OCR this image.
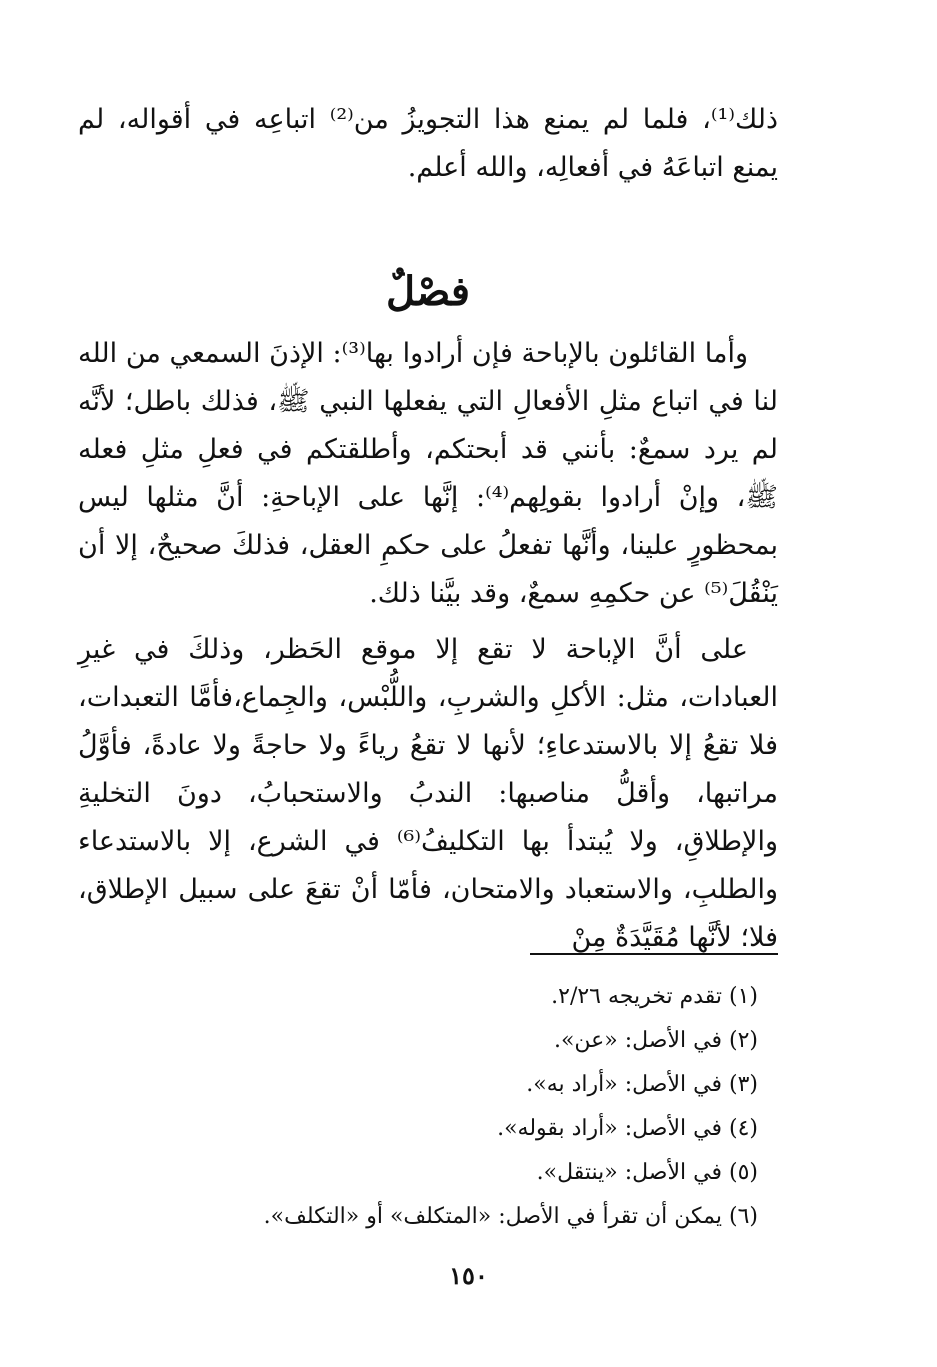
ذلك⁽¹⁾، فلما لم يمنع هذا التجويزُ من⁽²⁾ اتباعِه في أقواله، لم يمنع اتباعَهُ في أفعالِه، والله أعلم.

فصْلٌ

وأما القائلون بالإباحة فإن أرادوا بها⁽³⁾: الإذنَ السمعي من الله لنا في اتباع مثلِ الأفعالِ التي يفعلها النبي ﷺ، فذلك باطل؛ لأنَّه لم يرد سمعٌ: بأنني قد أبحتكم، وأطلقتكم في فعلِ مثلِ فعله ﷺ، وإنْ أرادوا بقولِهم⁽⁴⁾: إنَّها على الإباحةِ: أنَّ مثلها ليس بمحظورٍ علينا، وأنَّها تفعلُ على حكمِ العقل، فذلكَ صحيحٌ، إلا أن يَنْقُلَ⁽⁵⁾ عن حكمِهِ سمعٌ، وقد بيَّنا ذلك.

على أنَّ الإباحة لا تقع إلا موقع الحَظر، وذلكَ في غيرِ العبادات، مثل: الأكلِ والشربِ، واللُّبْس، والجِماع،فأمَّا التعبدات، فلا تقعُ إلا بالاستدعاءِ؛ لأنها لا تقعُ رياءً ولا حاجةً ولا عادةً، فأوَّلُ مراتبها، وأقلُّ مناصبها: الندبُ والاستحبابُ، دونَ التخليةِ والإطلاقِ، ولا يُبتدأ بها التكليفُ⁽⁶⁾ في الشرع، إلا بالاستدعاء والطلبِ، والاستعباد والامتحان، فأمّا أنْ تقعَ على سبيل الإطلاق، فلا؛ لأنَّها مُقَيَّدَةٌ مِنْ

(١) تقدم تخريجه ٢/٢٦.
(٢) في الأصل: «عن».
(٣) في الأصل: «أراد به».
(٤) في الأصل: «أراد بقوله».
(٥) في الأصل: «ينتقل».
(٦) يمكن أن تقرأ في الأصل: «المتكلف» أو «التكلف».
١٥٠
